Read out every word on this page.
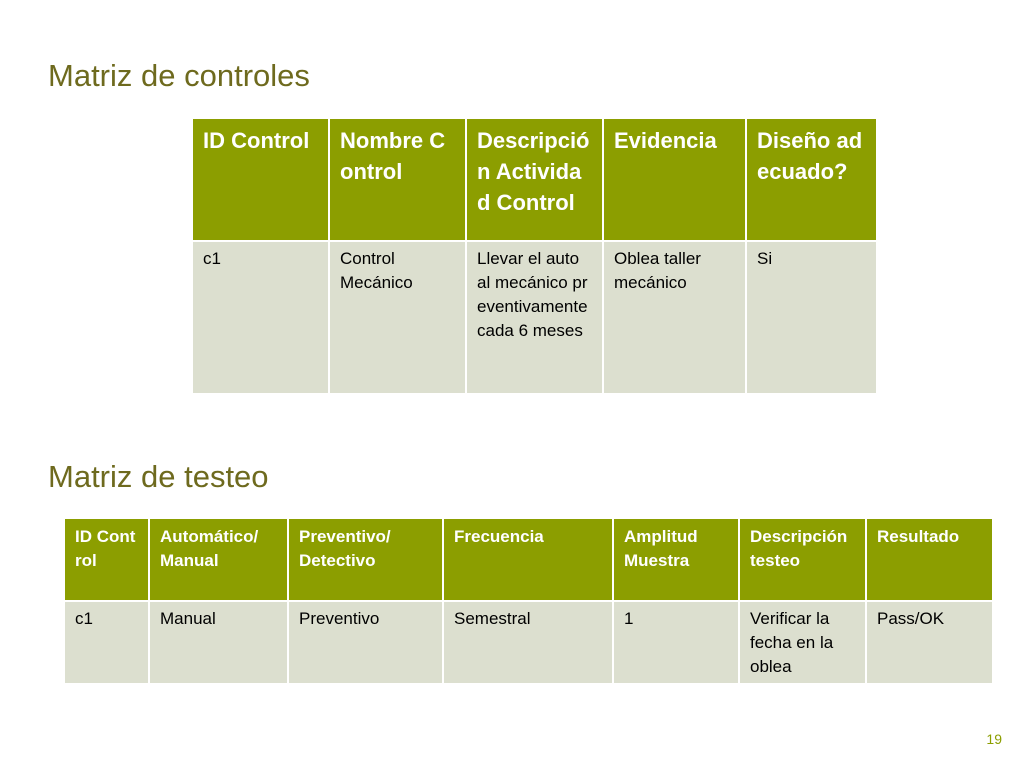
Matriz de controles
ID Control	Nombre Control	Descripción Actividad Control	Evidencia	Diseño adecuado?
c1	Control Mecánico	Llevar el auto al mecánico preventivamente cada 6 meses	Oblea taller mecánico	Si
Matriz de testeo
ID Control	Automático/ Manual	Preventivo/ Detectivo	Frecuencia	Amplitud Muestra	Descripción testeo	Resultado
c1	Manual	Preventivo	Semestral	1	Verificar la fecha en la oblea	Pass/OK
19
